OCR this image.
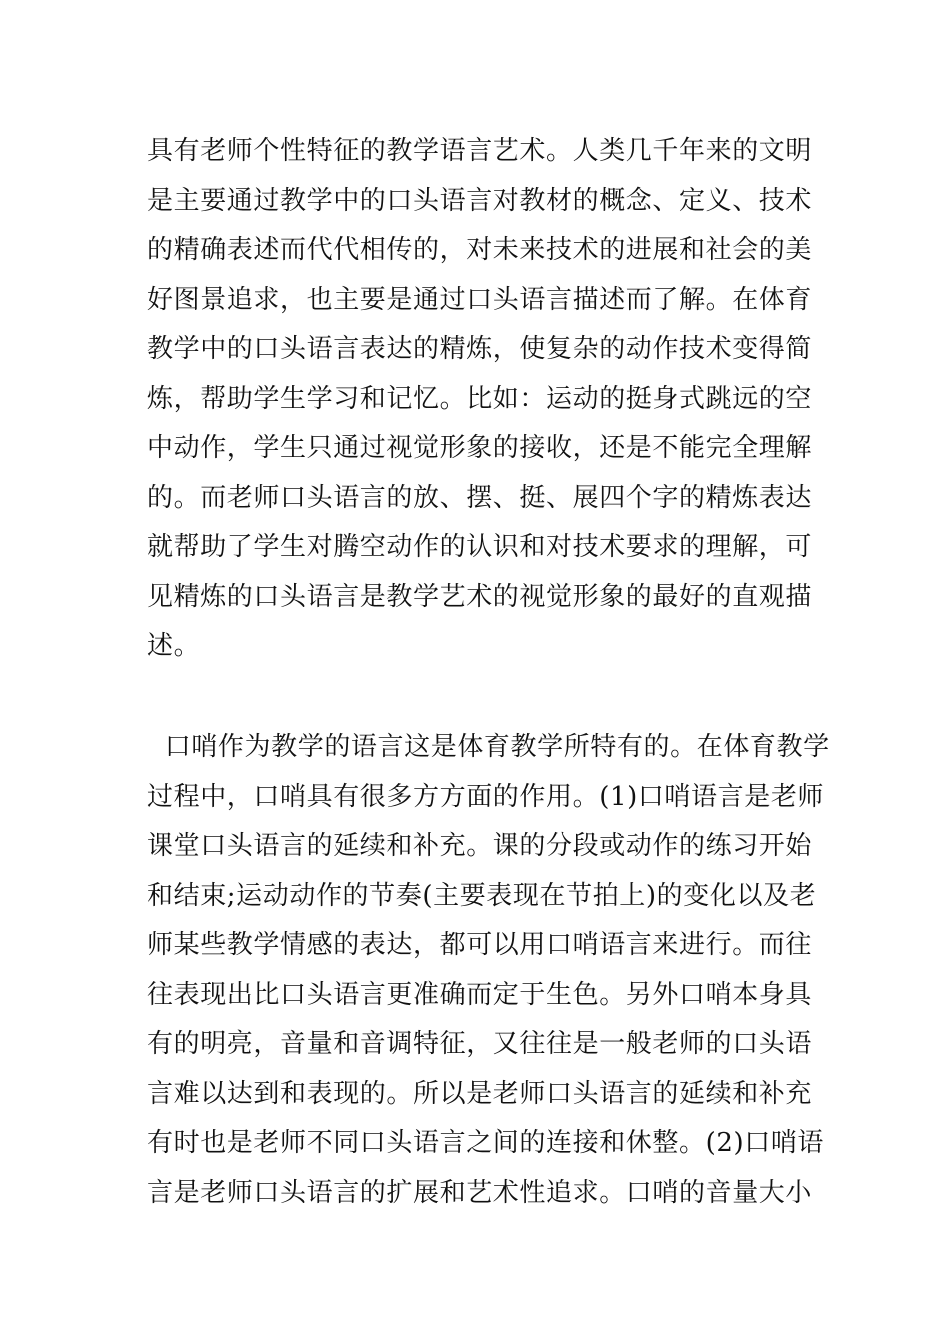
具有老师个性特征的教学语言艺术。人类几千年来的文明
是主要通过教学中的口头语言对教材的概念、定义、技术
的精确表述而代代相传的，对未来技术的进展和社会的美
好图景追求，也主要是通过口头语言描述而了解。在体育
教学中的口头语言表达的精炼，使复杂的动作技术变得简
炼，帮助学生学习和记忆。比如：运动的挺身式跳远的空
中动作，学生只通过视觉形象的接收，还是不能完全理解
的。而老师口头语言的放、摆、挺、展四个字的精炼表达
就帮助了学生对腾空动作的认识和对技术要求的理解，可
见精炼的口头语言是教学艺术的视觉形象的最好的直观描
述。
口哨作为教学的语言这是体育教学所特有的。在体育教学
过程中，口哨具有很多方方面的作用。(1)口哨语言是老师
课堂口头语言的延续和补充。课的分段或动作的练习开始
和结束;运动动作的节奏(主要表现在节拍上)的变化以及老
师某些教学情感的表达，都可以用口哨语言来进行。而往
往表现出比口头语言更准确而定于生色。另外口哨本身具
有的明亮，音量和音调特征，又往往是一般老师的口头语
言难以达到和表现的。所以是老师口头语言的延续和补充
有时也是老师不同口头语言之间的连接和休整。(2)口哨语
言是老师口头语言的扩展和艺术性追求。口哨的音量大小
